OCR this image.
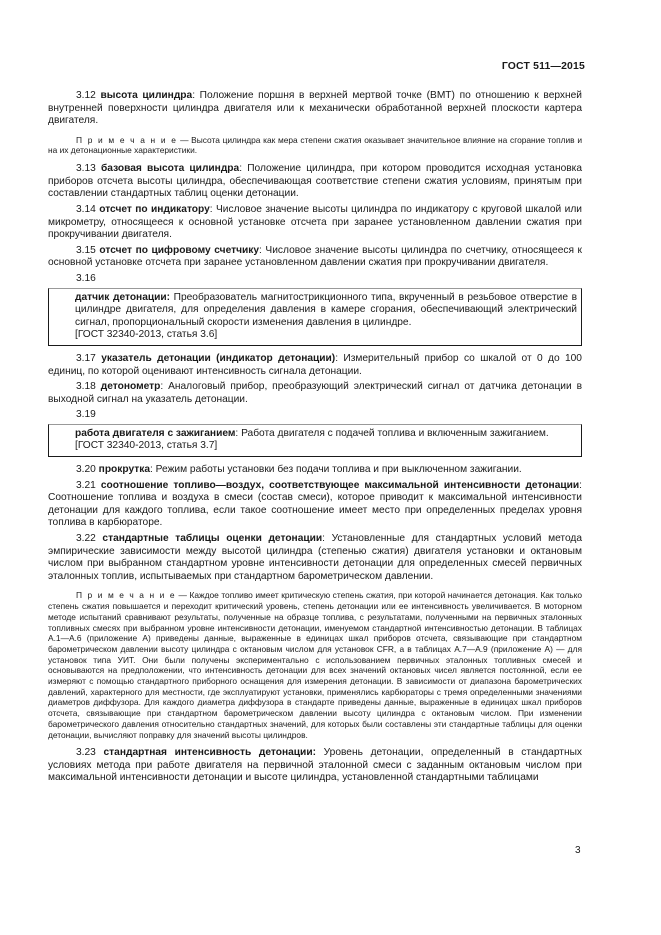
ГОСТ 511—2015

3.12 высота цилиндра: Положение поршня в верхней мертвой точке (ВМТ) по отношению к верхней внутренней поверхности цилиндра двигателя или к механически обработанной верхней плоскости картера двигателя.

П р и м е ч а н и е — Высота цилиндра как мера степени сжатия оказывает значительное влияние на сгорание топлив и на их детонационные характеристики.

3.13 базовая высота цилиндра: Положение цилиндра, при котором проводится исходная установка приборов отсчета высоты цилиндра, обеспечивающая соответствие степени сжатия условиям, принятым при составлении стандартных таблиц оценки детонации.

3.14 отсчет по индикатору: Числовое значение высоты цилиндра по индикатору с круговой шкалой или микрометру, относящееся к основной установке отсчета при заранее установленном давлении сжатия при прокручивании двигателя.

3.15 отсчет по цифровому счетчику: Числовое значение высоты цилиндра по счетчику, относящееся к основной установке отсчета при заранее установленном давлении сжатия при прокручивании двигателя.

3.16

датчик детонации: Преобразователь магнитострикционного типа, вкрученный в резьбовое отверстие в цилиндре двигателя, для определения давления в камере сгорания, обеспечивающий электрический сигнал, пропорциональный скорости изменения давления в цилиндре.

[ГОСТ 32340-2013, статья 3.6]

3.17 указатель детонации (индикатор детонации): Измерительный прибор со шкалой от 0 до 100 единиц, по которой оценивают интенсивность сигнала детонации.

3.18 детонометр: Аналоговый прибор, преобразующий электрический сигнал от датчика детонации в выходной сигнал на указатель детонации.

3.19

работа двигателя с зажиганием: Работа двигателя с подачей топлива и включенным зажиганием.

[ГОСТ 32340-2013, статья 3.7]

3.20 прокрутка: Режим работы установки без подачи топлива и при выключенном зажигании.

3.21 соотношение топливо—воздух, соответствующее максимальной интенсивности детонации: Соотношение топлива и воздуха в смеси (состав смеси), которое приводит к максимальной интенсивности детонации для каждого топлива, если такое соотношение имеет место при определенных пределах уровня топлива в карбюраторе.

3.22 стандартные таблицы оценки детонации: Установленные для стандартных условий метода эмпирические зависимости между высотой цилиндра (степенью сжатия) двигателя установки и октановым числом при выбранном стандартном уровне интенсивности детонации для определенных смесей первичных эталонных топлив, испытываемых при стандартном барометрическом давлении.

П р и м е ч а н и е — Каждое топливо имеет критическую степень сжатия, при которой начинается детонация. Как только степень сжатия повышается и переходит критический уровень, степень детонации или ее интенсивность увеличивается. В моторном методе испытаний сравнивают результаты, полученные на образце топлива, с результатами, полученными на первичных эталонных топливных смесях при выбранном уровне интенсивности детонации, именуемом стандартной интенсивностью детонации. В таблицах А.1—А.6 (приложение А) приведены данные, выраженные в единицах шкал приборов отсчета, связывающие при стандартном барометрическом давлении высоту цилиндра с октановым числом для установок CFR, а в таблицах А.7—А.9 (приложение А) — для установок типа УИТ. Они были получены экспериментально с использованием первичных эталонных топливных смесей и основываются на предположении, что интенсивность детонации для всех значений октановых чисел является постоянной, если ее измеряют с помощью стандартного приборного оснащения для измерения детонации. В зависимости от диапазона барометрических давлений, характерного для местности, где эксплуатируют установки, применялись карбюраторы с тремя определенными значениями диаметров диффузора. Для каждого диаметра диффузора в стандарте приведены данные, выраженные в единицах шкал приборов отсчета, связывающие при стандартном барометрическом давлении высоту цилиндра с октановым числом. При изменении барометрического давления относительно стандартных значений, для которых были составлены эти стандартные таблицы для оценки детонации, вычисляют поправку для значений высоты цилиндров.

3.23 стандартная интенсивность детонации: Уровень детонации, определенный в стандартных условиях метода при работе двигателя на первичной эталонной смеси с заданным октановым числом при максимальной интенсивности детонации и высоте цилиндра, установленной стандартными таблицами

3
